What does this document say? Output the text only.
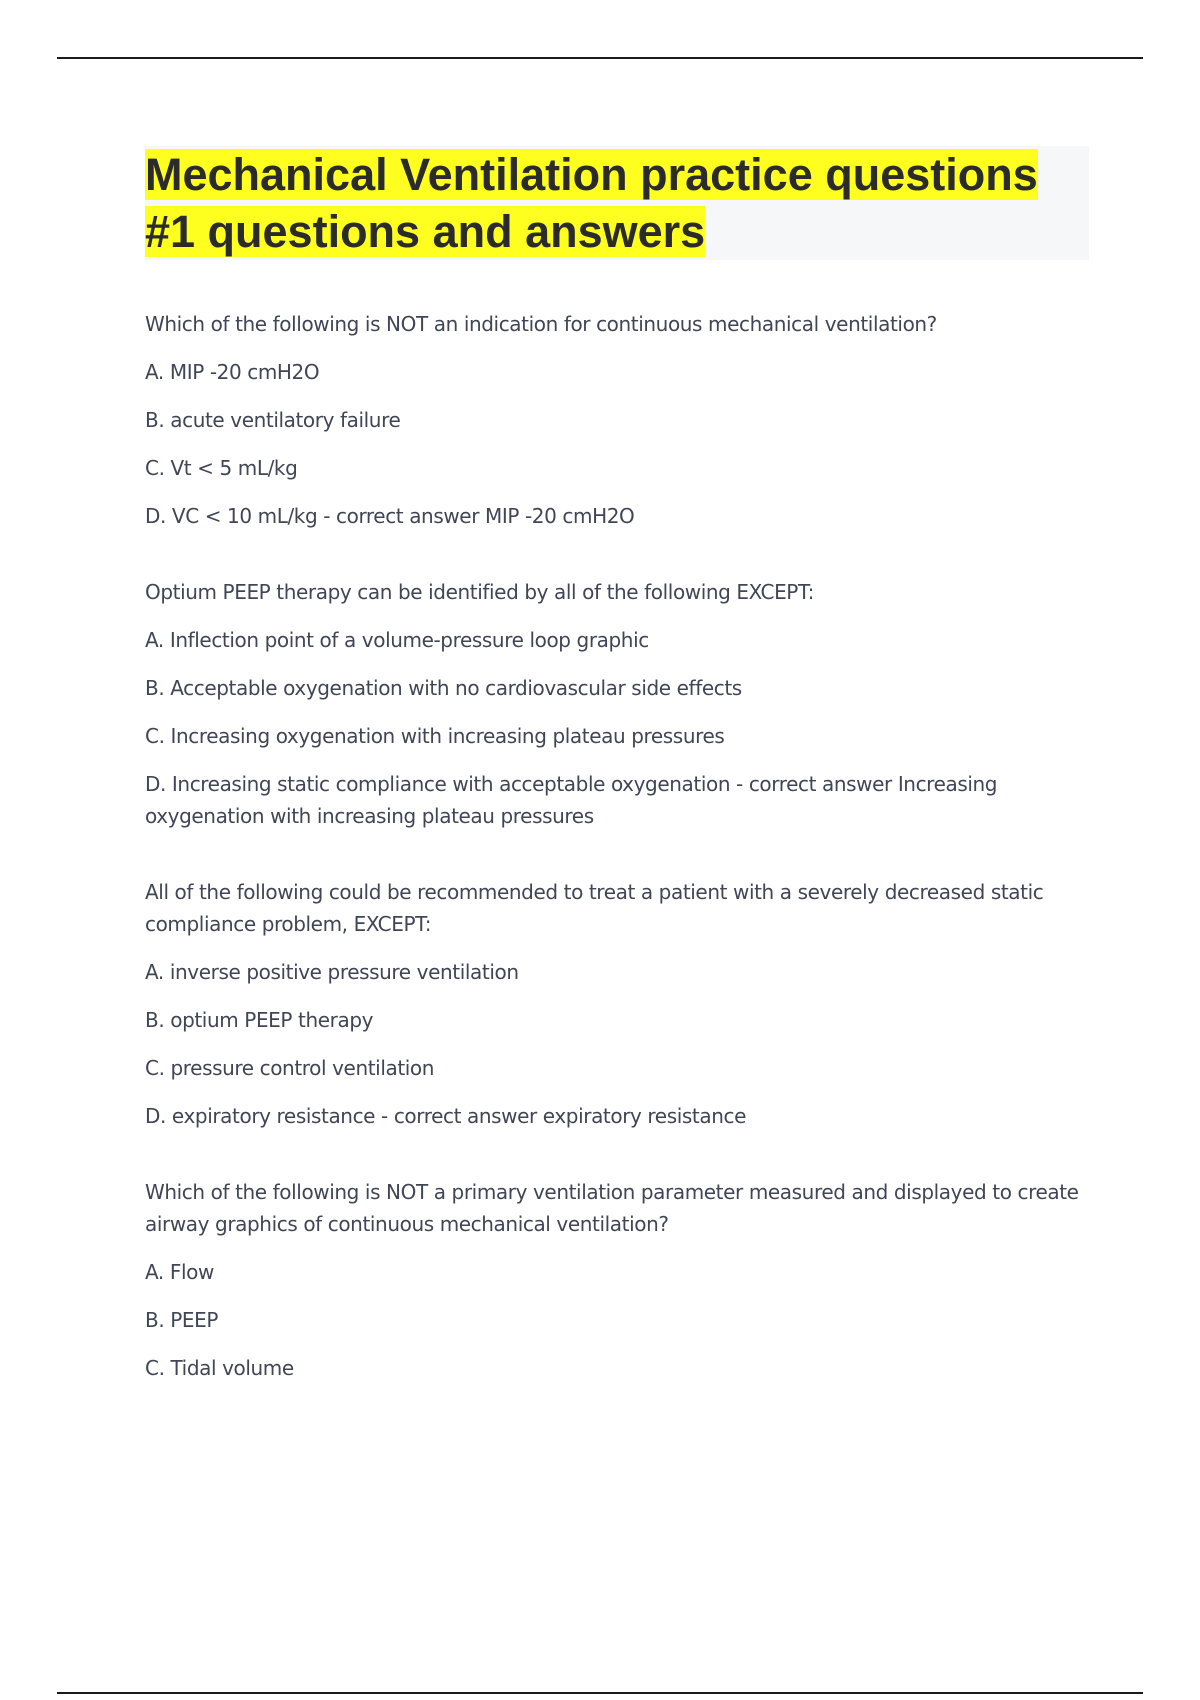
Mechanical Ventilation practice questions #1 questions and answers

Which of the following is NOT an indication for continuous mechanical ventilation?

A. MIP -20 cmH2O

B. acute ventilatory failure

C. Vt < 5 mL/kg

D. VC < 10 mL/kg - correct answer MIP -20 cmH2O

Optium PEEP therapy can be identified by all of the following EXCEPT:

A. Inflection point of a volume-pressure loop graphic

B. Acceptable oxygenation with no cardiovascular side effects

C. Increasing oxygenation with increasing plateau pressures

D. Increasing static compliance with acceptable oxygenation - correct answer Increasing oxygenation with increasing plateau pressures

All of the following could be recommended to treat a patient with a severely decreased static compliance problem, EXCEPT:

A. inverse positive pressure ventilation

B. optium PEEP therapy

C. pressure control ventilation

D. expiratory resistance - correct answer expiratory resistance

Which of the following is NOT a primary ventilation parameter measured and displayed to create airway graphics of continuous mechanical ventilation?

A. Flow

B. PEEP

C. Tidal volume
